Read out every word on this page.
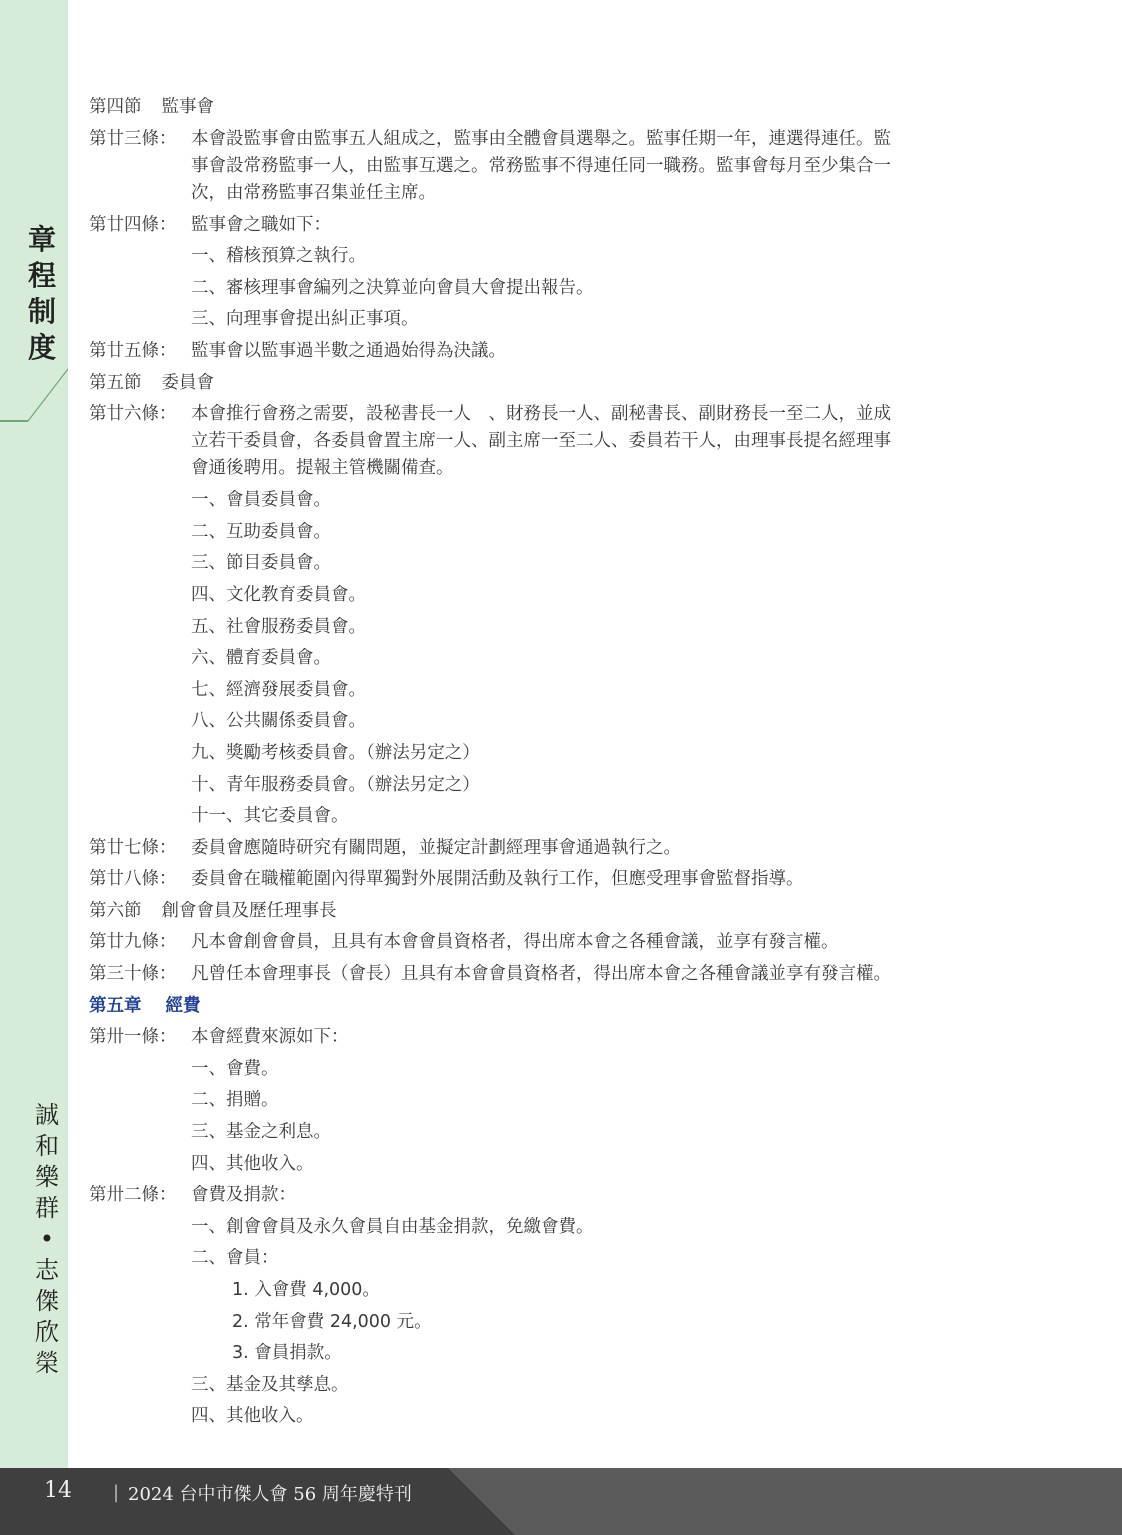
章
程
制
度
誠
和
樂
群
•
志
傑
欣
榮
第四節 監事會
第廿三條： 本會設監事會由監事五人組成之，監事由全體會員選舉之。監事任期一年，連選得連任。監

事會設常務監事一人，由監事互選之。常務監事不得連任同一職務。監事會每月至少集合一

次，由常務監事召集並任主席。

第廿四條： 監事會之職如下：
一、稽核預算之執行。
二、審核理事會編列之決算並向會員大會提出報告。
三、向理事會提出糾正事項。
第廿五條： 監事會以監事過半數之通過始得為決議。
第五節 委員會
第廿六條： 本會推行會務之需要，設秘書長一人　、財務長一人、副秘書長、副財務長一至二人，並成

立若干委員會，各委員會置主席一人、副主席一至二人、委員若干人，由理事長提名經理事

會通後聘用。提報主管機關備查。

一、會員委員會。
二、互助委員會。
三、節目委員會。
四、文化教育委員會。
五、社會服務委員會。
六、體育委員會。
七、經濟發展委員會。
八、公共關係委員會。
九、獎勵考核委員會。（辦法另定之）
十、青年服務委員會。（辦法另定之）
十一、其它委員會。
第廿七條： 委員會應隨時研究有關問題，並擬定計劃經理事會通過執行之。
第廿八條： 委員會在職權範圍內得單獨對外展開活動及執行工作，但應受理事會監督指導。
第六節 創會會員及歷任理事長
第廿九條： 凡本會創會會員，且具有本會會員資格者，得出席本會之各種會議，並享有發言權。
第三十條： 凡曾任本會理事長（會長）且具有本會會員資格者，得出席本會之各種會議並享有發言權。
第五章 經費
第卅一條： 本會經費來源如下：
一、會費。
二、捐贈。
三、基金之利息。
四、其他收入。
第卅二條： 會費及捐款：
一、創會會員及永久會員自由基金捐款，免繳會費。
二、會員：
1. 入會費 4,000。
2. 常年會費 24,000 元。
3. 會員捐款。
三、基金及其孳息。
四、其他收入。
14 | 2024 台中市傑人會 56 周年慶特刊
